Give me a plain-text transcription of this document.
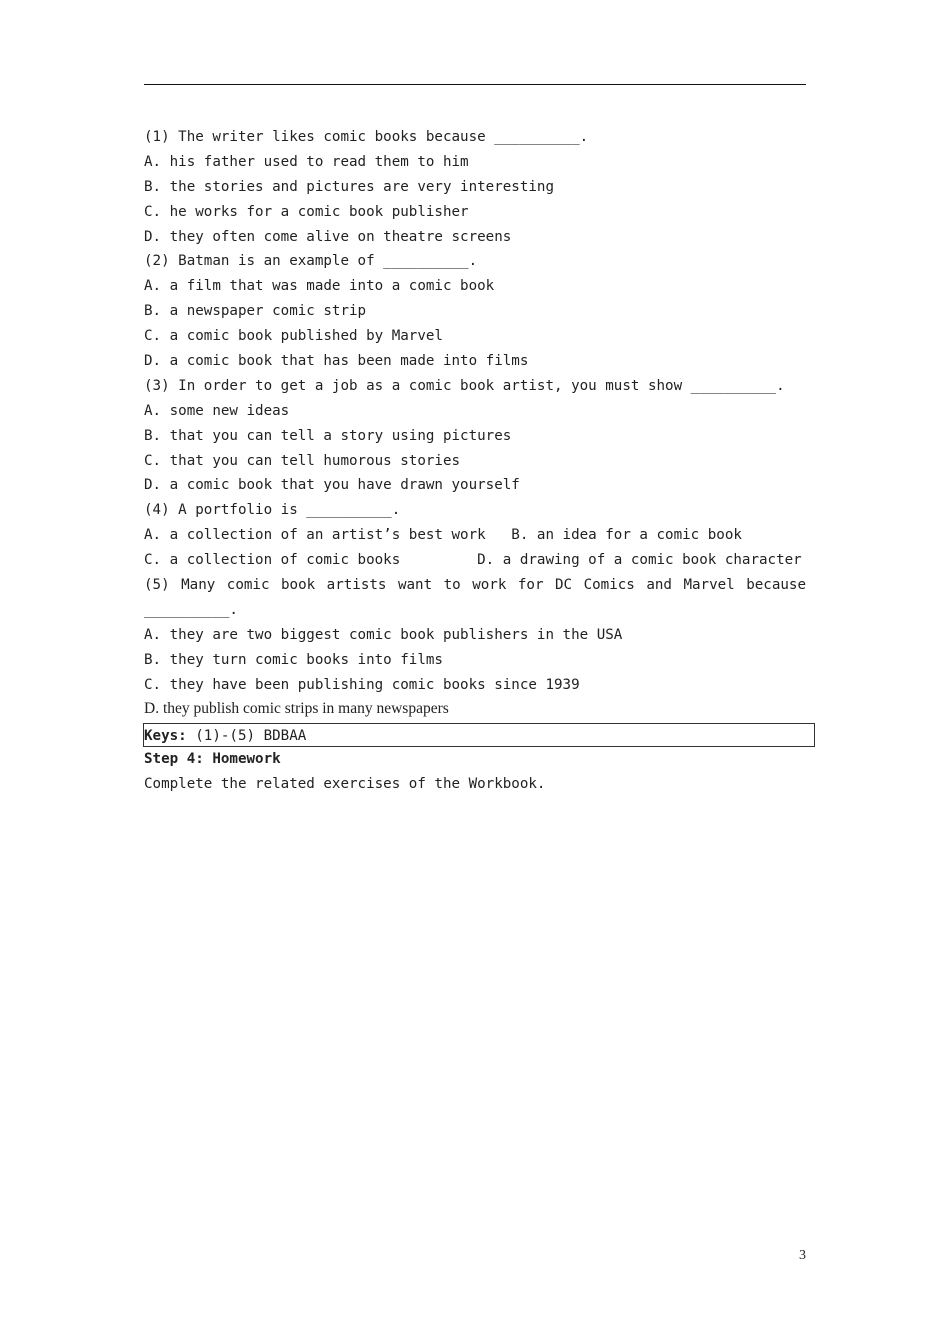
(1) The writer likes comic books because __________.
A. his father used to read them to him
B. the stories and pictures are very interesting
C. he works for a comic book publisher
D. they often come alive on theatre screens
(2) Batman is an example of __________.
A. a film that was made into a comic book
B. a newspaper comic strip
C. a comic book published by Marvel
D. a comic book that has been made into films
(3) In order to get a job as a comic book artist, you must show __________.
A. some new ideas
B. that you can tell a story using pictures
C. that you can tell humorous stories
D. a comic book that you have drawn yourself
(4) A portfolio is __________.
A. a collection of an artist’s best work   B. an idea for a comic book
C. a collection of comic books         D. a drawing of a comic book character
(5) Many comic book artists want to work for DC Comics and Marvel because
__________.
A. they are two biggest comic book publishers in the USA
B. they turn comic books into films
C. they have been publishing comic books since 1939
D. they publish comic strips in many newspapers
Keys: (1)-(5) BDBAA
Step 4: Homework
Complete the related exercises of the Workbook.
3
